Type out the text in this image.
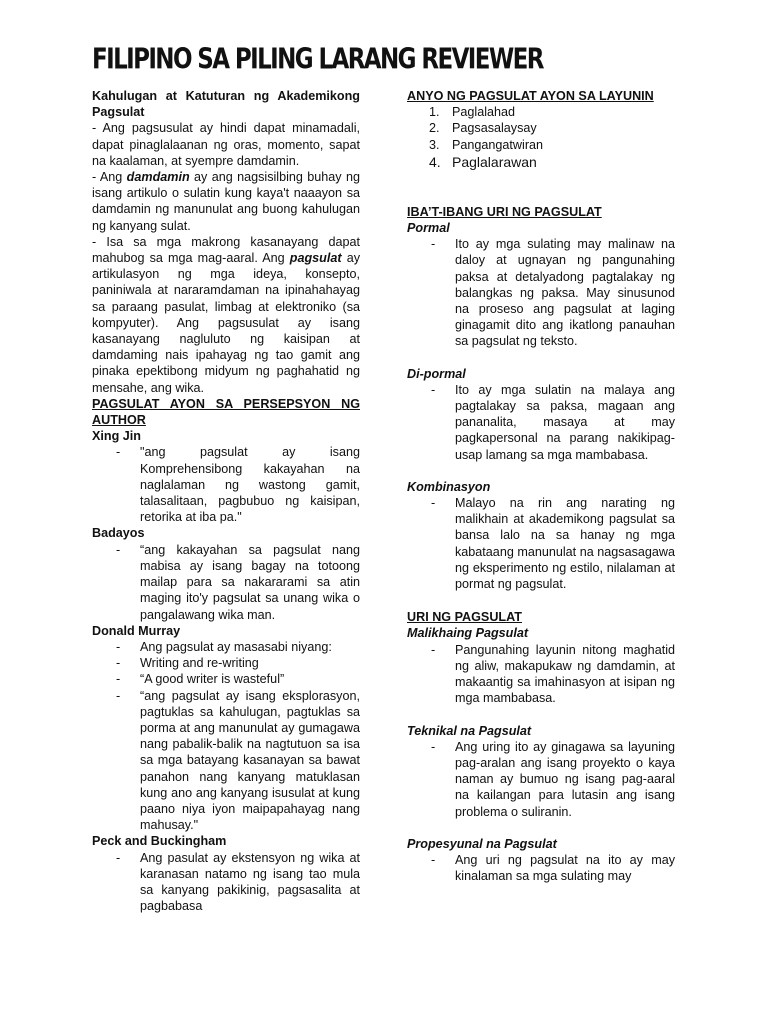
FILIPINO SA PILING LARANG REVIEWER

Kahulugan at Katuturan ng Akademikong Pagsulat

- Ang pagsusulat ay hindi dapat minamadali, dapat pinaglalaanan ng oras, momento, sapat na kaalaman, at syempre damdamin.

- Ang damdamin ay ang nagsisilbing buhay ng isang artikulo o sulatin kung kaya't naaayon sa damdamin ng manunulat ang buong kahulugan ng kanyang sulat.

- Isa sa mga makrong kasanayang dapat mahubog sa mga mag-aaral. Ang pagsulat ay artikulasyon ng mga ideya, konsepto, paniniwala at nararamdaman na ipinahahayag sa paraang pasulat, limbag at elektroniko (sa kompyuter). Ang pagsusulat ay isang kasanayang nagluluto ng kaisipan at damdaming nais ipahayag ng tao gamit ang pinaka epektibong midyum ng paghahatid ng mensahe, ang wika.

PAGSULAT AYON SA PERSEPSYON NG AUTHOR

Xing Jin

- "ang pagsulat ay isang Komprehensibong kakayahan na naglalaman ng wastong gamit, talasalitaan, pagbubuo ng kaisipan, retorika at iba pa."

Badayos

- “ang kakayahan sa pagsulat nang mabisa ay isang bagay na totoong mailap para sa nakararami sa atin maging ito'y pagsulat sa unang wika o pangalawang wika man.

Donald Murray

- Ang pagsulat ay masasabi niyang:
- Writing and re-writing
- “A good writer is wasteful”
- “ang pagsulat ay isang eksplorasyon, pagtuklas sa kahulugan, pagtuklas sa porma at ang manunulat ay gumagawa nang pabalik-balik na nagtutuon sa isa sa mga batayang kasanayan sa bawat panahon nang kanyang matuklasan kung ano ang kanyang isusulat at kung paano niya iyon maipapahayag nang mahusay."

Peck and Buckingham

- Ang pasulat ay ekstensyon ng wika at karanasan natamo ng isang tao mula sa kanyang pakikinig, pagsasalita at pagbabasa

ANYO NG PAGSULAT AYON SA LAYUNIN

1. Paglalahad
2. Pagsasalaysay
3. Pangangatwiran
4. Paglalarawan

IBA’T-IBANG URI NG PAGSULAT

Pormal

- Ito ay mga sulating may malinaw na daloy at ugnayan ng pangunahing paksa at detalyadong pagtalakay ng balangkas ng paksa. May sinusunod na proseso ang pagsulat at laging ginagamit dito ang ikatlong panauhan sa pagsulat ng teksto.

Di-pormal

- Ito ay mga sulatin na malaya ang pagtalakay sa paksa, magaan ang pananalita, masaya at may pagkapersonal na parang nakikipag-usap lamang sa mga mambabasa.

Kombinasyon

- Malayo na rin ang narating ng malikhain at akademikong pagsulat sa bansa lalo na sa hanay ng mga kabataang manunulat na nagsasagawa ng eksperimento ng estilo, nilalaman at pormat ng pagsulat.

URI NG PAGSULAT

Malikhaing Pagsulat

- Pangunahing layunin nitong maghatid ng aliw, makapukaw ng damdamin, at makaantig sa imahinasyon at isipan ng mga mambabasa.

Teknikal na Pagsulat

- Ang uring ito ay ginagawa sa layuning pag-aralan ang isang proyekto o kaya naman ay bumuo ng isang pag-aaral na kailangan para lutasin ang isang problema o suliranin.

Propesyunal na Pagsulat

- Ang uri ng pagsulat na ito ay may kinalaman sa mga sulating may
